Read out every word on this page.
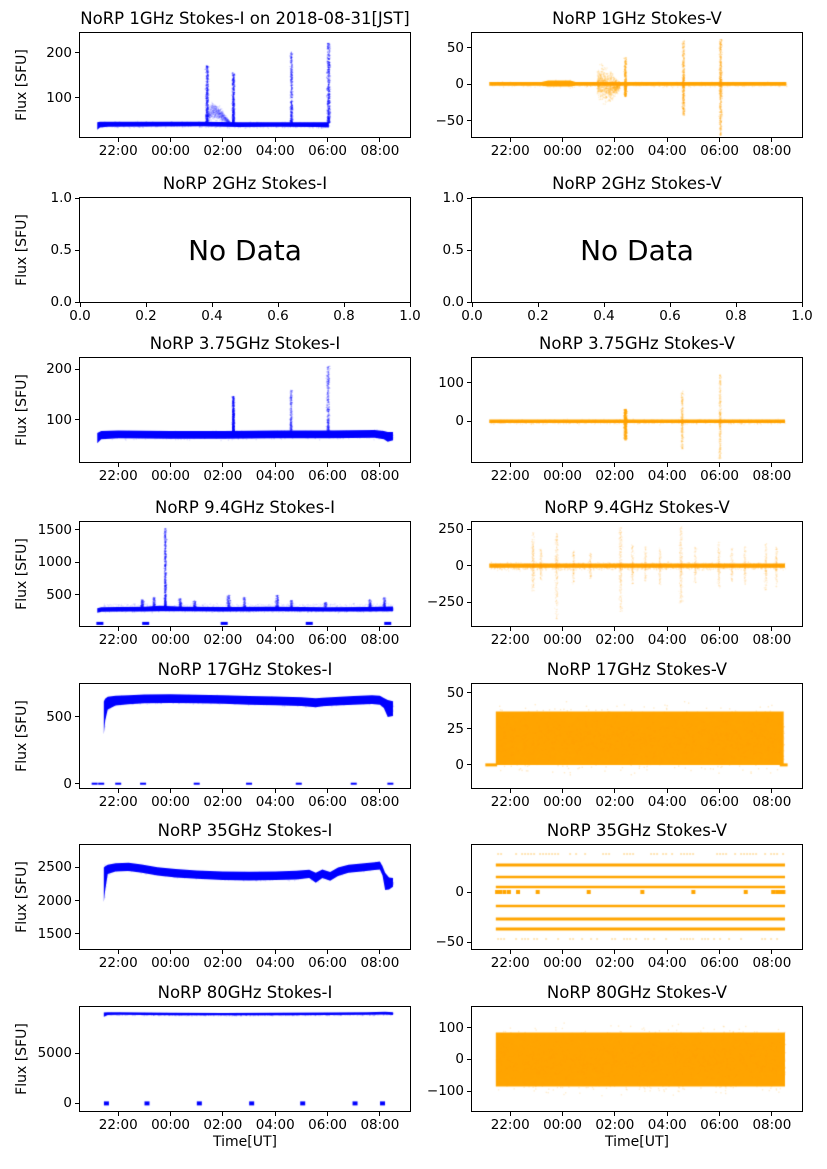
NoRP 1GHz Stokes-I on 2018-08-31[JST]
Flux [SFU]
22:00 00:00 02:00 04:00 06:00 08:00
100
200
NoRP 1GHz Stokes-V
22:00 00:00 02:00 04:00 06:00 08:00
−50
0
50
NoRP 2GHz Stokes-I
Flux [SFU]	No Data
0.0	0.2	0.4	0.6	0.8	1.0
0.0
0.5
1.0
NoRP 2GHz Stokes-V
No Data
0.0	0.2	0.4	0.6	0.8	1.0
0.0
0.5
1.0
NoRP 3.75GHz Stokes-I
Flux [SFU]
22:00 00:00 02:00 04:00 06:00 08:00
100
200
NoRP 3.75GHz Stokes-V
22:00 00:00 02:00 04:00 06:00 08:00
0
100
NoRP 9.4GHz Stokes-I
Flux [SFU]
22:00 00:00 02:00 04:00 06:00 08:00
500
1000
1500
NoRP 9.4GHz Stokes-V
22:00 00:00 02:00 04:00 06:00 08:00
−250
0
250
NoRP 17GHz Stokes-I
Flux [SFU]
22:00 00:00 02:00 04:00 06:00 08:00
0
500
NoRP 17GHz Stokes-V
22:00 00:00 02:00 04:00 06:00 08:00
0
25
50
NoRP 35GHz Stokes-I
Flux [SFU]
22:00 00:00 02:00 04:00 06:00 08:00
1500
2000
2500
NoRP 35GHz Stokes-V
22:00 00:00 02:00 04:00 06:00 08:00
−50
0
NoRP 80GHz Stokes-I
Flux [SFU]
Time[UT]
22:00 00:00 02:00 04:00 06:00 08:00
0
5000
NoRP 80GHz Stokes-V
Time[UT]
22:00 00:00 02:00 04:00 06:00 08:00
−100
0
100
